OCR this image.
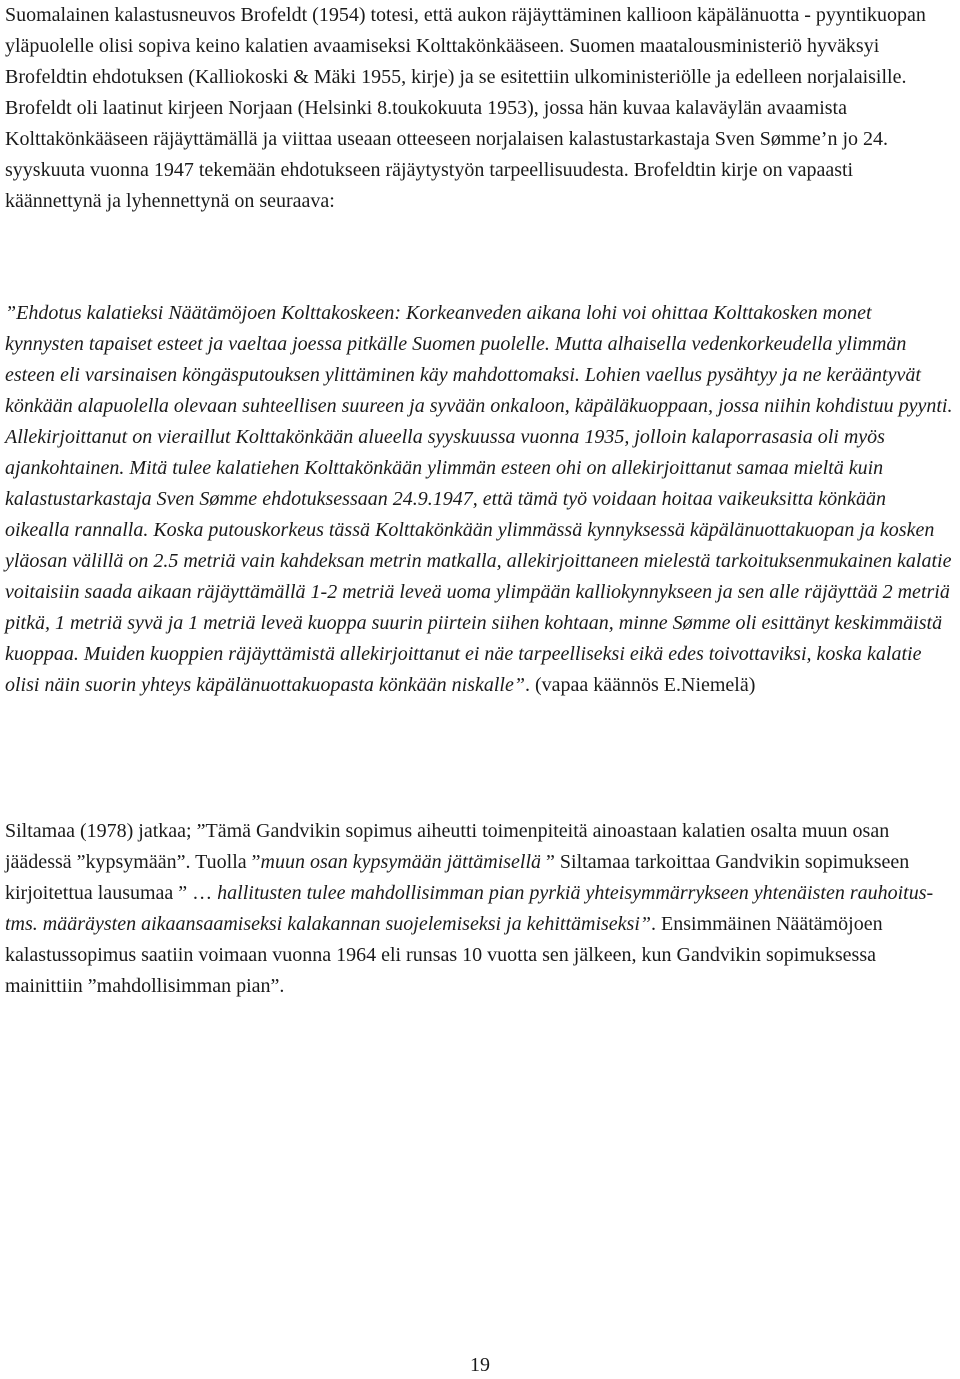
Suomalainen kalastusneuvos Brofeldt (1954) totesi, että aukon räjäyttäminen kallioon käpälänuotta - pyyntikuopan yläpuolelle olisi sopiva keino kalatien avaamiseksi Kolttakönkääseen. Suomen maatalousministeriö hyväksyi Brofeldtin ehdotuksen (Kalliokoski & Mäki 1955, kirje) ja se esitettiin ulkoministeriölle ja edelleen norjalaisille. Brofeldt oli laatinut kirjeen Norjaan (Helsinki 8.toukokuuta 1953), jossa hän kuvaa kalaväylän avaamista Kolttakönkääseen räjäyttämällä ja viittaa useaan otteeseen norjalaisen kalastustarkastaja Sven Sømme’n jo 24. syyskuuta vuonna 1947 tekemään ehdotukseen räjäytystyön tarpeellisuudesta. Brofeldtin kirje on vapaasti käännettynä ja lyhennettynä on seuraava:

”Ehdotus kalatieksi Näätämöjoen Kolttakoskeen: Korkeanveden aikana lohi voi ohittaa Kolttakosken monet kynnysten tapaiset esteet ja vaeltaa joessa pitkälle Suomen puolelle. Mutta alhaisella vedenkorkeudella ylimmän esteen eli varsinaisen köngäsputouksen ylittäminen käy mahdottomaksi. Lohien vaellus pysähtyy ja ne kerääntyvät könkään alapuolella olevaan suhteellisen suureen ja syvään onkaloon, käpäläkuoppaan, jossa niihin kohdistuu pyynti. Allekirjoittanut on vieraillut Kolttakönkään alueella syyskuussa vuonna 1935, jolloin kalaporrasasia oli myös ajankohtainen. Mitä tulee kalatiehen Kolttakönkään ylimmän esteen ohi on allekirjoittanut samaa mieltä kuin kalastustarkastaja Sven Sømme ehdotuksessaan 24.9.1947, että tämä työ voidaan hoitaa vaikeuksitta könkään oikealla rannalla. Koska putouskorkeus tässä Kolttakönkään ylimmässä kynnyksessä käpälänuottakuopan ja kosken yläosan välillä on 2.5 metriä vain kahdeksan metrin matkalla, allekirjoittaneen mielestä tarkoituksenmukainen kalatie voitaisiin saada aikaan räjäyttämällä 1-2 metriä leveä uoma ylimpään kalliokynnykseen ja sen alle räjäyttää 2 metriä pitkä, 1 metriä syvä ja 1 metriä leveä kuoppa suurin piirtein siihen kohtaan, minne Sømme oli esittänyt keskimmäistä kuoppaa. Muiden kuoppien räjäyttämistä allekirjoittanut ei näe tarpeelliseksi eikä edes toivottaviksi, koska kalatie olisi näin suorin yhteys käpälänuottakuopasta könkään niskalle”. (vapaa käännös E.Niemelä)

Siltamaa (1978) jatkaa; ”Tämä Gandvikin sopimus aiheutti toimenpiteitä ainoastaan kalatien osalta muun osan jäädessä ”kypsymään”. Tuolla ”muun osan kypsymään jättämisellä ” Siltamaa tarkoittaa Gandvikin sopimukseen kirjoitettua lausumaa ” … hallitusten tulee mahdollisimman pian pyrkiä yhteisymmärrykseen yhtenäisten rauhoitus-tms. määräysten aikaansaamiseksi kalakannan suojelemiseksi ja kehittämiseksi”. Ensimmäinen Näätämöjoen kalastussopimus saatiin voimaan vuonna 1964 eli runsas 10 vuotta sen jälkeen, kun Gandvikin sopimuksessa mainittiin ”mahdollisimman pian”.

19
